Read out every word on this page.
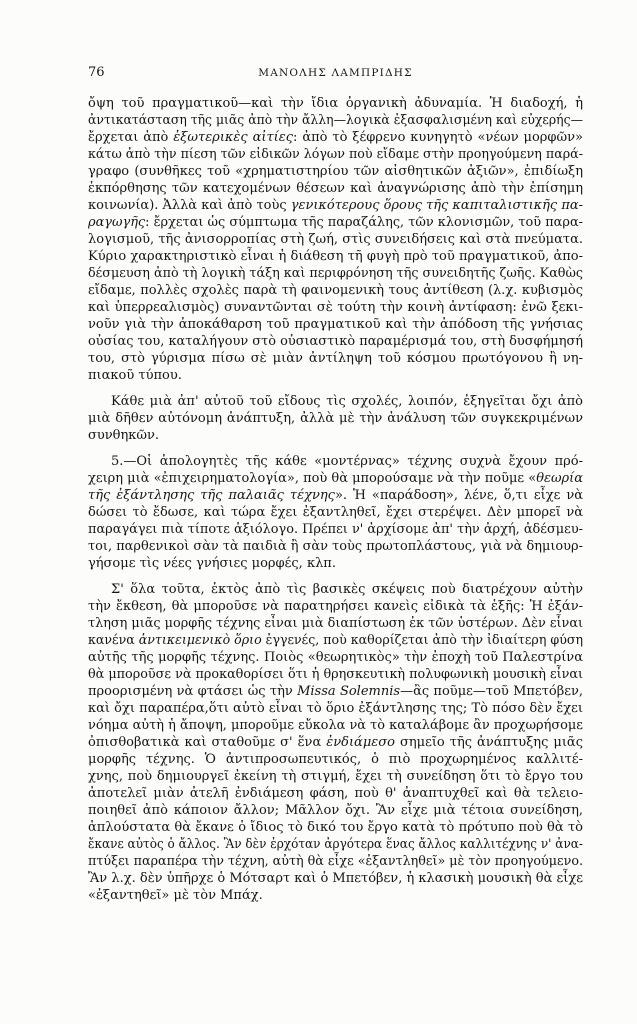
76	ΜΑΝΟΛΗΣ ΛΑΜΠΡΙΔΗΣ
ὄψη τοῦ πραγματικοῦ—καὶ τὴν ἴδια ὀργανικὴ ἀδυναμία. Ἡ διαδοχή, ἡ
ἀντικατάσταση τῆς μιᾶς ἀπὸ τὴν ἄλλη—λογικὰ ἐξασφαλισμένη καὶ εὐχερής—
ἔρχεται ἀπὸ ἐξωτερικὲς αἰτίες: ἀπὸ τὸ ξέφρενο κυνηγητὸ «νέων μορφῶν»
κάτω ἀπὸ τὴν πίεση τῶν εἰδικῶν λόγων ποὺ εἴδαμε στὴν προηγούμενη παρά-
γραφο (συνθῆκες τοῦ «χρηματιστηρίου τῶν αἰσθητικῶν ἀξιῶν», ἐπιδίωξη
ἐκπόρθησης τῶν κατεχομένων θέσεων καὶ ἀναγνώρισης ἀπὸ τὴν ἐπίσημη
κοινωνία). Ἀλλὰ καὶ ἀπὸ τοὺς γενικότερους ὅρους τῆς καπιταλιστικῆς πα-
ραγωγῆς: ἔρχεται ὡς σύμπτωμα τῆς παραζάλης, τῶν κλονισμῶν, τοῦ παρα-
λογισμοῦ, τῆς ἀνισορροπίας στὴ ζωή, στὶς συνειδήσεις καὶ στὰ πνεύματα.
Κύριο χαρακτηριστικὸ εἶναι ἡ διάθεση τῆ φυγὴ πρὸ τοῦ πραγματικοῦ, ἀπο-
δέσμευση ἀπὸ τὴ λογικὴ τάξη καὶ περιφρόνηση τῆς συνειδητῆς ζωῆς. Καθὼς
εἴδαμε, πολλὲς σχολὲς παρὰ τὴ φαινομενικὴ τους ἀντίθεση (λ.χ. κυβισμὸς
καὶ ὑπερρεαλισμὸς) συναντῶνται σὲ τούτη τὴν κοινὴ ἀντίφαση: ἐνῶ ξεκι-
νοῦν γιὰ τὴν ἀποκάθαρση τοῦ πραγματικοῦ καὶ τὴν ἀπόδοση τῆς γνήσιας
οὐσίας του, καταλήγουν στὸ οὐσιαστικὸ παραμέρισμά του, στὴ δυσφήμησή
του, στὸ γύρισμα πίσω σὲ μιὰν ἀντίληψη τοῦ κόσμου πρωτόγονου ἢ νη-
πιακοῦ τύπου.
Κάθε μιὰ ἀπ' αὐτοῦ τοῦ εἴδους τὶς σχολές, λοιπόν, ἐξηγεῖται ὄχι ἀπὸ
μιὰ δῆθεν αὐτόνομη ἀνάπτυξη, ἀλλὰ μὲ τὴν ἀνάλυση τῶν συγκεκριμένων
συνθηκῶν.
5.—Οἱ ἀπολογητὲς τῆς κάθε «μοντέρνας» τέχνης συχνὰ ἔχουν πρό-
χειρη μιὰ «ἐπιχειρηματολογία», ποὺ θὰ μπορούσαμε νὰ τὴν ποῦμε «θεωρία
τῆς ἐξάντλησης τῆς παλαιᾶς τέχνης». Ἡ «παράδοση», λένε, ὅ,τι εἶχε νὰ
δώσει τὸ ἔδωσε, καὶ τώρα ἔχει ἐξαντληθεῖ, ἔχει στερέψει. Δὲν μπορεῖ νὰ
παραγάγει πιὰ τίποτε ἀξιόλογο. Πρέπει ν' ἀρχίσομε ἀπ' τὴν ἀρχή, ἀδέσμευ-
τοι, παρθενικοὶ σὰν τὰ παιδιὰ ἢ σὰν τοὺς πρωτοπλάστους, γιὰ νὰ δημιουρ-
γήσομε τὶς νέες γνήσιες μορφές, κλπ.
Σ' ὅλα τοῦτα, ἐκτὸς ἀπὸ τὶς βασικὲς σκέψεις ποὺ διατρέχουν αὐτὴν
τὴν ἔκθεση, θὰ μποροῦσε νὰ παρατηρήσει κανεὶς εἰδικὰ τὰ ἑξῆς: Ἡ ἐξάν-
τληση μιᾶς μορφῆς τέχνης εἶναι μιὰ διαπίστωση ἐκ τῶν ὑστέρων. Δὲν εἶναι
κανένα ἀντικειμενικὸ ὅριο ἐγγενές, ποὺ καθορίζεται ἀπὸ τὴν ἰδιαίτερη φύση
αὐτῆς τῆς μορφῆς τέχνης. Ποιὸς «θεωρητικὸς» τὴν ἐποχὴ τοῦ Παλεστρίνα
θὰ μποροῦσε νὰ προκαθορίσει ὅτι ἡ θρησκευτικὴ πολυφωνικὴ μουσικὴ εἶναι
προορισμένη νὰ φτάσει ὡς τὴν Missa Solemnis—ἂς ποῦμε—τοῦ Μπετόβεν,
καὶ ὄχι παραπέρα,ὅτι αὐτὸ εἶναι τὸ ὅριο ἐξάντλησης της; Τὸ πόσο δὲν ἔχει
νόημα αὐτὴ ἡ ἄποψη, μποροῦμε εὔκολα νὰ τὸ καταλάβομε ἂν προχωρήσομε
ὀπισθοβατικὰ καὶ σταθοῦμε σ' ἕνα ἐνδιάμεσο σημεῖο τῆς ἀνάπτυξης μιᾶς
μορφῆς τέχνης. Ὁ ἀντιπροσωπευτικός, ὁ πιὸ προχωρημένος καλλιτέ-
χνης, ποὺ δημιουργεῖ ἐκείνη τὴ στιγμή, ἔχει τὴ συνείδηση ὅτι τὸ ἔργο του
ἀποτελεῖ μιὰν ἀτελῆ ἐνδιάμεση φάση, ποὺ θ' ἀναπτυχθεῖ καὶ θὰ τελειο-
ποιηθεῖ ἀπὸ κάποιον ἄλλον; Μᾶλλον ὄχι. Ἂν εἶχε μιὰ τέτοια συνείδηση,
ἁπλούστατα θὰ ἔκανε ὁ ἴδιος τὸ δικό του ἔργο κατὰ τὸ πρότυπο ποὺ θὰ τὸ
ἔκανε αὐτὸς ὁ ἄλλος. Ἂν δὲν ἐρχόταν ἀργότερα ἕνας ἄλλος καλλιτέχνης ν' ἀνα-
πτύξει παραπέρα τὴν τέχνη, αὐτὴ θὰ εἶχε «ἐξαντληθεῖ» μὲ τὸν προηγούμενο.
Ἂν λ.χ. δὲν ὑπῆρχε ὁ Μότσαρτ καὶ ὁ Μπετόβεν, ἡ κλασικὴ μουσικὴ θὰ εἶχε
«ἐξαντηθεῖ» μὲ τὸν Μπάχ.
